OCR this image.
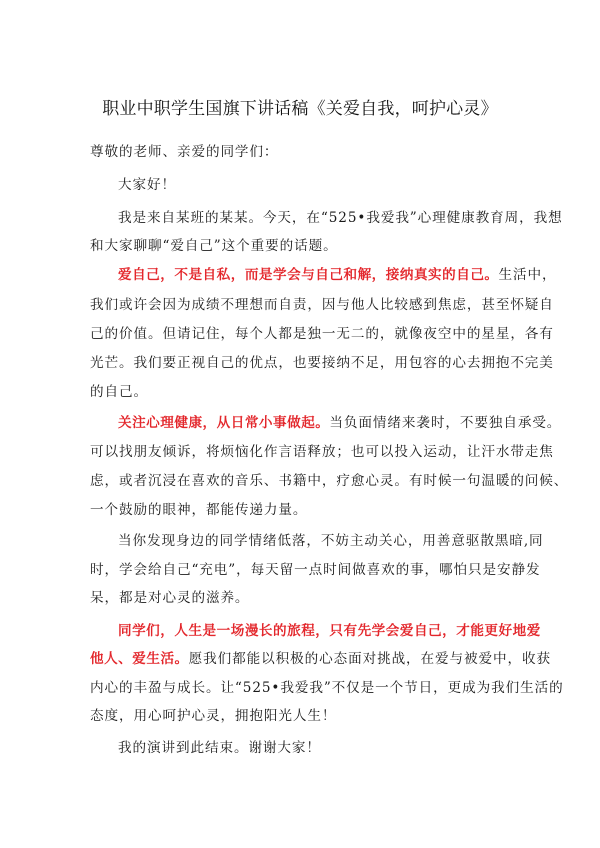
职业中职学生国旗下讲话稿《关爱自我，呵护心灵》
尊敬的老师、亲爱的同学们：
大家好！
我是来自某班的某某。今天，在“525•我爱我”心理健康教育周，我想
和大家聊聊“爱自己”这个重要的话题。
爱自己，不是自私，而是学会与自己和解，接纳真实的自己。生活中，
我们或许会因为成绩不理想而自责，因与他人比较感到焦虑，甚至怀疑自
己的价值。但请记住，每个人都是独一无二的，就像夜空中的星星，各有
光芒。我们要正视自己的优点，也要接纳不足，用包容的心去拥抱不完美
的自己。
关注心理健康，从日常小事做起。当负面情绪来袭时，不要独自承受。
可以找朋友倾诉，将烦恼化作言语释放；也可以投入运动，让汗水带走焦
虑，或者沉浸在喜欢的音乐、书籍中，疗愈心灵。有时候一句温暖的问候、
一个鼓励的眼神，都能传递力量。
当你发现身边的同学情绪低落，不妨主动关心，用善意驱散黑暗,同
时，学会给自己“充电”，每天留一点时间做喜欢的事，哪怕只是安静发
呆，都是对心灵的滋养。
同学们，人生是一场漫长的旅程，只有先学会爱自己，才能更好地爱
他人、爱生活。愿我们都能以积极的心态面对挑战，在爱与被爱中，收获
内心的丰盈与成长。让“525•我爱我”不仅是一个节日，更成为我们生活的
态度，用心呵护心灵，拥抱阳光人生！
我的演讲到此结束。谢谢大家！
